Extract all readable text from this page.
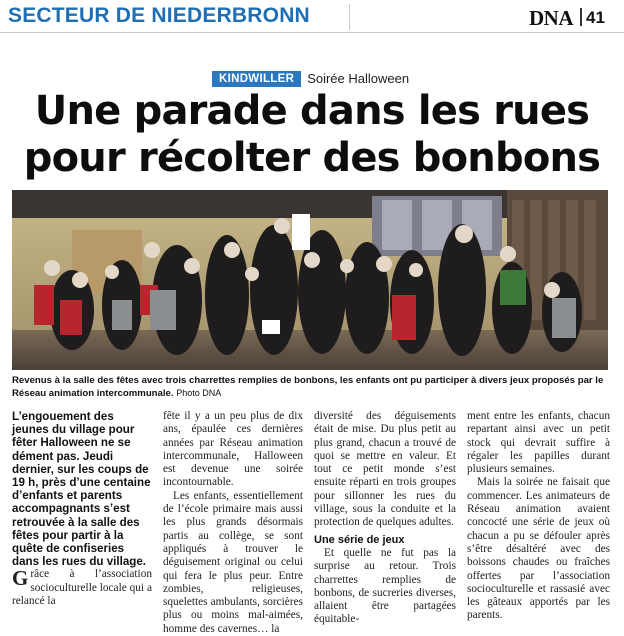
SECTEUR DE NIEDERBRONN	DNA 41
KINDWILLER	Soirée Halloween
Une parade dans les rues
pour récolter des bonbons
Revenus à la salle des fêtes avec trois charrettes remplies de bonbons, les enfants ont pu participer à divers jeux proposés par le Réseau animation intercommunale. Photo DNA

L’engouement des jeunes du village pour fêter Halloween ne se dément pas. Jeudi dernier, sur les coups de 19 h, près d’une centaine d’enfants et parents accompagnants s’est retrouvée à la salle des fêtes pour partir à la quête de confiseries dans les rues du village.

Grâce à l’association socioculturelle locale qui a relancé la

fête il y a un peu plus de dix ans, épaulée ces dernières années par Réseau animation intercommunale, Halloween est devenue une soirée incontournable.

Les enfants, essentiellement de l’école primaire mais aussi les plus grands désormais partis au collège, se sont appliqués à trouver le déguisement original ou celui qui fera le plus peur. Entre zombies, religieuses, squelettes ambulants, sorcières plus ou moins mal-aimées, homme des cavernes… la

diversité des déguisements était de mise. Du plus petit au plus grand, chacun a trouvé de quoi se mettre en valeur. Et tout ce petit monde s’est ensuite réparti en trois groupes pour sillonner les rues du village, sous la conduite et la protection de quelques adultes.

Une série de jeux

Et quelle ne fut pas la surprise au retour. Trois charrettes remplies de bonbons, de sucreries diverses, allaient être partagées équitable-

ment entre les enfants, chacun repartant ainsi avec un petit stock qui devrait suffire à régaler les papilles durant plusieurs semaines.

Mais la soirée ne faisait que commencer. Les animateurs de Réseau animation avaient concocté une série de jeux où chacun a pu se défouler après s’être désaltéré avec des boissons chaudes ou fraîches offertes par l’association socioculturelle et rassasié avec les gâteaux apportés par les parents.
